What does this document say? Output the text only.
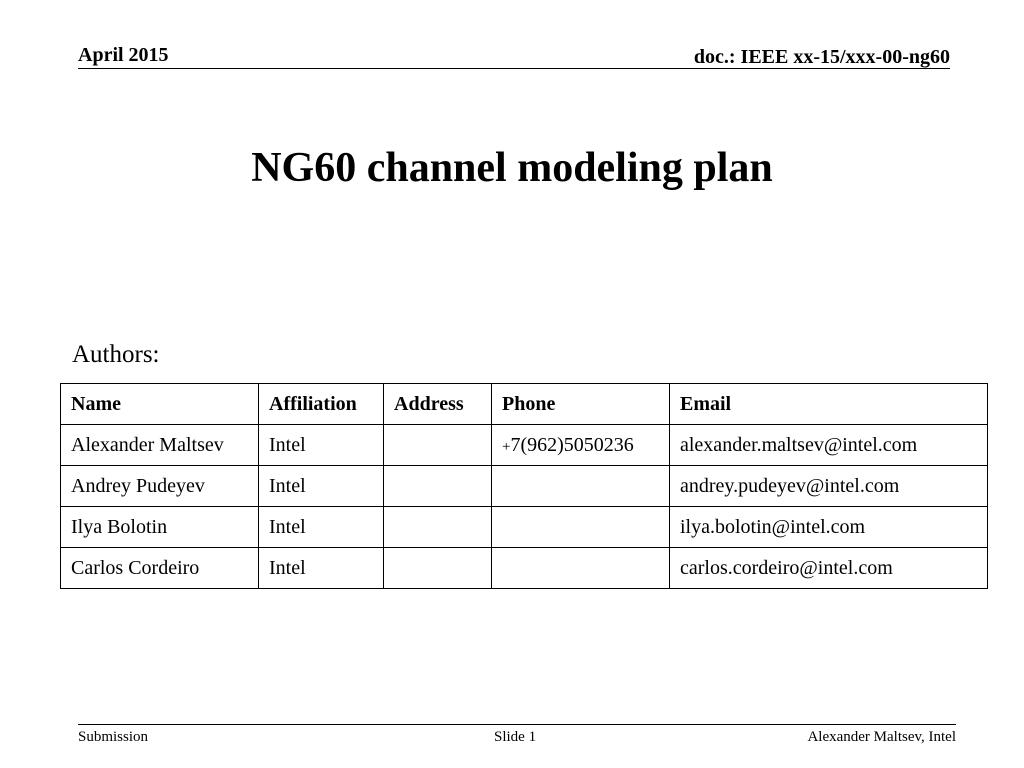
April 2015	doc.: IEEE xx-15/xxx-00-ng60
NG60 channel modeling plan
Authors:
Name	Affiliation	Address	Phone	Email
Alexander Maltsev	Intel		+7(962)5050236	alexander.maltsev@intel.com
Andrey Pudeyev	Intel			andrey.pudeyev@intel.com
Ilya Bolotin	Intel			ilya.bolotin@intel.com
Carlos Cordeiro	Intel			carlos.cordeiro@intel.com
Submission	Slide 1	Alexander Maltsev, Intel
